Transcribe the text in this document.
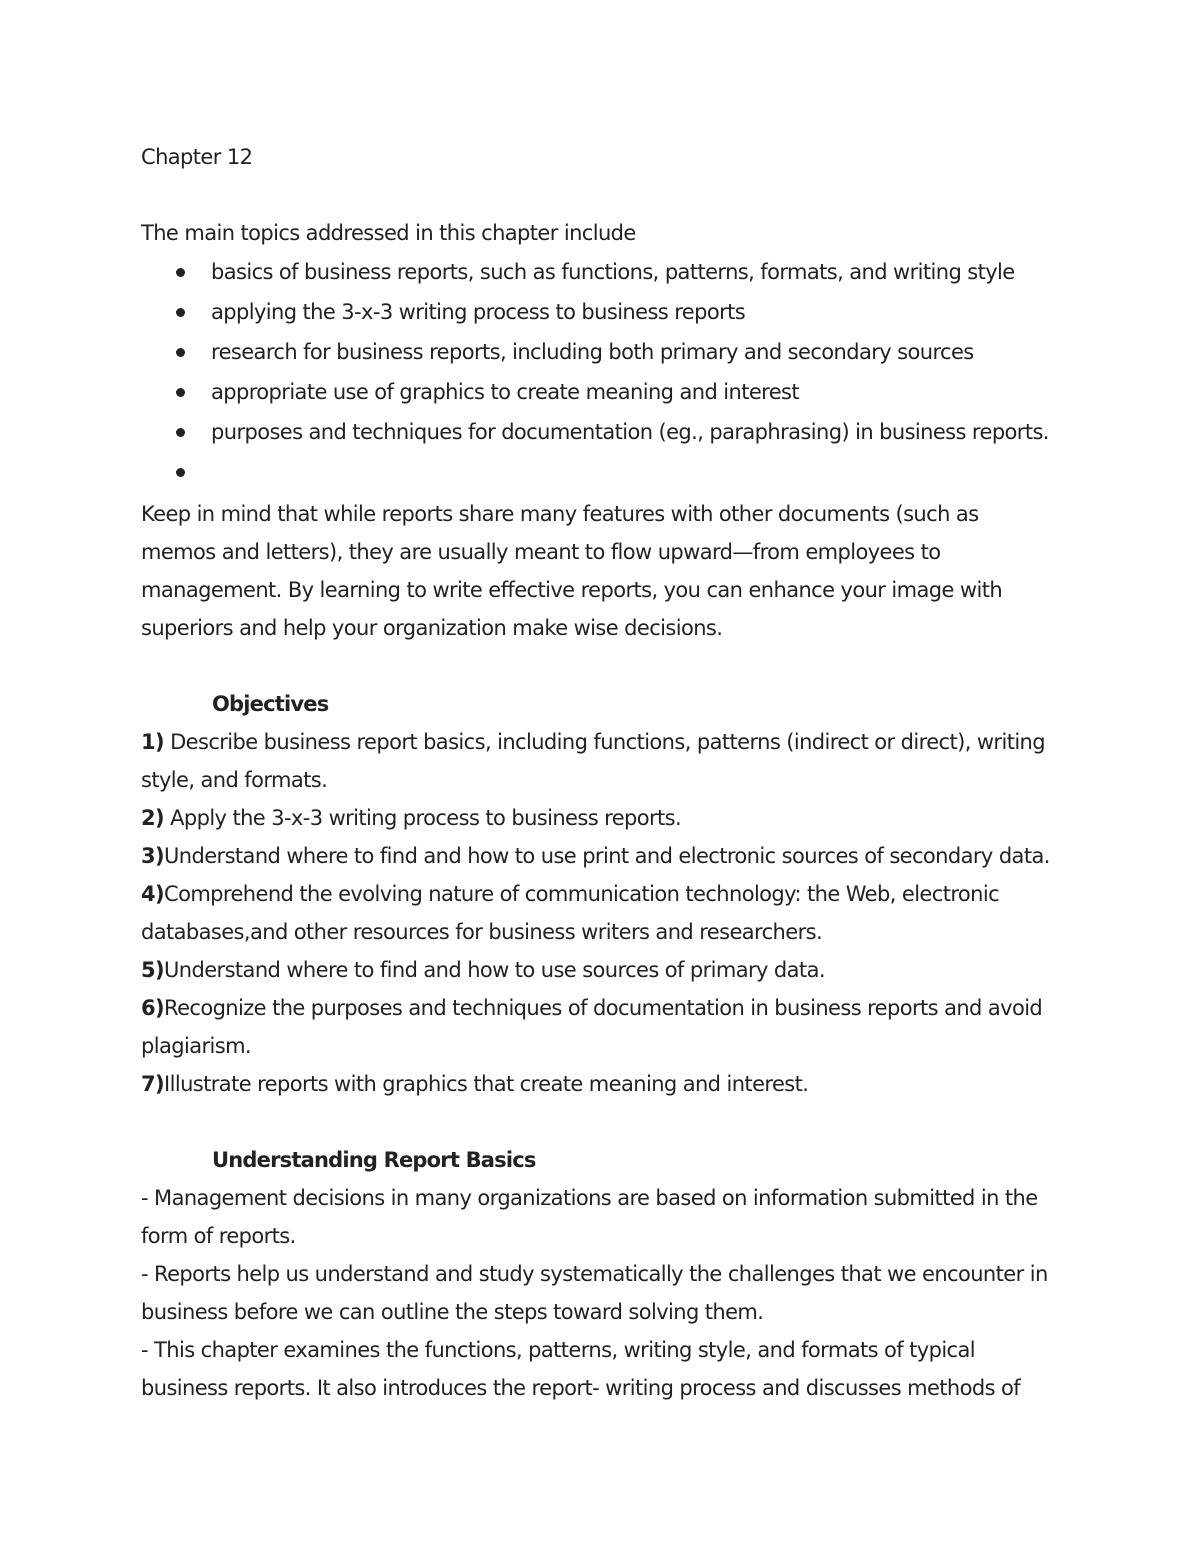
Chapter 12
The main topics addressed in this chapter include
basics of business reports, such as functions, patterns, formats, and writing style
applying the 3-x-3 writing process to business reports
research for business reports, including both primary and secondary sources
appropriate use of graphics to create meaning and interest
purposes and techniques for documentation (eg., paraphrasing) in business reports.
Keep in mind that while reports share many features with other documents (such as
memos and letters), they are usually meant to flow upward—from employees to
management. By learning to write effective reports, you can enhance your image with
superiors and help your organization make wise decisions.
Objectives
1) Describe business report basics, including functions, patterns (indirect or direct), writing
style, and formats.
2) Apply the 3-x-3 writing process to business reports.
3)Understand where to find and how to use print and electronic sources of secondary data.
4)Comprehend the evolving nature of communication technology: the Web, electronic
databases,and other resources for business writers and researchers.
5)Understand where to find and how to use sources of primary data.
6)Recognize the purposes and techniques of documentation in business reports and avoid
plagiarism.
7)Illustrate reports with graphics that create meaning and interest.
Understanding Report Basics
- Management decisions in many organizations are based on information submitted in the
form of reports.
- Reports help us understand and study systematically the challenges that we encounter in
business before we can outline the steps toward solving them.
- This chapter examines the functions, patterns, writing style, and formats of typical
business reports. It also introduces the report- writing process and discusses methods of
